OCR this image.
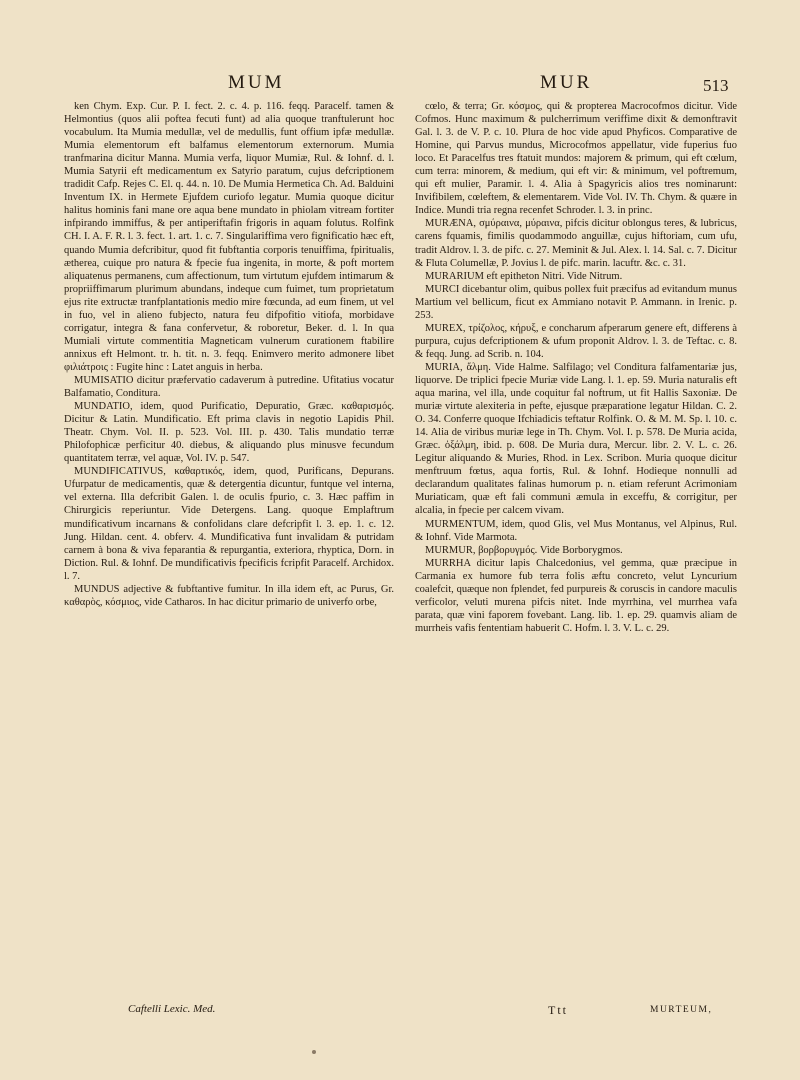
MUM	MUR	513

ken Chym. Exp. Cur. P. I. fect. 2. c. 4. p. 116. feqq. Paracelf. tamen & Helmontius (quos alii poftea fecuti funt) ad alia quoque tranftulerunt hoc vocabulum. Ita Mumia medullæ, vel de medullis, funt offium ipfæ medullæ. Mumia elementorum eft balfamus elementorum externorum. Mumia tranfmarina dicitur Manna. Mumia verfa, liquor Mumiæ, Rul. & Iohnf. d. l. Mumia Satyrii eft medicamentum ex Satyrio paratum, cujus defcriptionem tradidit Cafp. Rejes C. El. q. 44. n. 10. De Mumia Hermetica Ch. Ad. Balduini Inventum IX. in Hermete Ejufdem curiofo legatur. Mumia quoque dicitur halitus hominis fani mane ore aqua bene mundato in phiolam vitream fortiter infpirando immiffus, & per antiperiftafin frigoris in aquam folutus. Rolfink CH. I. A. F. R. l. 3. fect. 1. art. 1. c. 7. Singulariffima vero fignificatio hæc eft, quando Mumia defcribitur, quod fit fubftantia corporis tenuiffima, fpiritualis, ætherea, cuique pro natura & fpecie fua ingenita, in morte, & poft mortem aliquatenus permanens, cum affectionum, tum virtutum ejufdem intimarum & propriiffimarum plurimum abundans, indeque cum fuimet, tum proprietatum ejus rite extructæ tranfplantationis medio mire fœcunda, ad eum finem, ut vel in fuo, vel in alieno fubjecto, natura feu difpofitio vitiofa, morbidave corrigatur, integra & fana confervetur, & roboretur, Beker. d. l. In qua Mumiali virtute commentitia Magneticam vulnerum curationem ftabilire annixus eft Helmont. tr. h. tit. n. 3. feqq. Enimvero merito admonere libet φιλιάτροις : Fugite hinc : Latet anguis in herba.

MUMISATIO dicitur præfervatio cadaverum à putredine. Ufitatius vocatur Balfamatio, Conditura.

MUNDATIO, idem, quod Purificatio, Depuratio, Græc. καθαρισμός. Dicitur & Latin. Mundificatio. Eft prima clavis in negotio Lapidis Phil. Theatr. Chym. Vol. II. p. 523. Vol. III. p. 430. Talis mundatio terræ Philofophicæ perficitur 40. diebus, & aliquando plus minusve fecundum quantitatem terræ, vel aquæ, Vol. IV. p. 547.

MUNDIFICATIVUS, καθαρτικός, idem, quod, Purificans, Depurans. Ufurpatur de medicamentis, quæ & detergentia dicuntur, funtque vel interna, vel externa. Illa defcribit Galen. l. de oculis fpurio, c. 3. Hæc paffim in Chirurgicis reperiuntur. Vide Detergens. Lang. quoque Emplaftrum mundificativum incarnans & confolidans clare defcripfit l. 3. ep. 1. c. 12. Jung. Hildan. cent. 4. obferv. 4. Mundificativa funt invalidam & putridam carnem à bona & viva feparantia & repurgantia, exteriora, rhyptica, Dorn. in Diction. Rul. & Iohnf. De mundificativis fpecificis fcripfit Paracelf. Archidox. l. 7.

MUNDUS adjective & fubftantive fumitur. In illa idem eft, ac Purus, Gr. καθαρὸς, κόσμιος, vide Catharos. In hac dicitur primario de univerfo orbe,

cœlo, & terra; Gr. κόσμος, qui & propterea Macrocofmos dicitur. Vide Cofmos. Hunc maximum & pulcherrimum veriffime dixit & demonftravit Gal. l. 3. de V. P. c. 10. Plura de hoc vide apud Phyficos. Comparative de Homine, qui Parvus mundus, Microcofmos appellatur, vide fuperius fuo loco. Et Paracelfus tres ftatuit mundos: majorem & primum, qui eft cœlum, cum terra: minorem, & medium, qui eft vir: & minimum, vel poftremum, qui eft mulier, Paramir. l. 4. Alia à Spagyricis alios tres nominarunt: Invifibilem, cœleftem, & elementarem. Vide Vol. IV. Th. Chym. & quære in Indice. Mundi tria regna recenfet Schroder. l. 3. in princ.

MURÆNA, σμύραινα, μύραινα, pifcis dicitur oblongus teres, & lubricus, carens fquamis, fimilis quodammodo anguillæ, cujus hiftoriam, cum ufu, tradit Aldrov. l. 3. de pifc. c. 27. Meminit & Jul. Alex. l. 14. Sal. c. 7. Dicitur & Fluta Columellæ, P. Jovius l. de pifc. marin. lacuftr. &c. c. 31.

MURARIUM eft epitheton Nitri. Vide Nitrum.

MURCI dicebantur olim, quibus pollex fuit præcifus ad evitandum munus Martium vel bellicum, ficut ex Ammiano notavit P. Ammann. in Irenic. p. 253.

MUREX, τρίζολος, κήρυξ, e concharum afperarum genere eft, differens à purpura, cujus defcriptionem & ufum proponit Aldrov. l. 3. de Teftac. c. 8. & feqq. Jung. ad Scrib. n. 104.

MURIA, ἅλμη. Vide Halme. Salfilago; vel Conditura falfamentariæ jus, liquorve. De triplici fpecie Muriæ vide Lang. l. 1. ep. 59. Muria naturalis eft aqua marina, vel illa, unde coquitur fal noftrum, ut fit Hallis Saxoniæ. De muriæ virtute alexiteria in pefte, ejusque præparatione legatur Hildan. C. 2. O. 34. Conferre quoque Ifchiadicis teftatur Rolfink. O. & M. M. Sp. l. 10. c. 14. Alia de viribus muriæ lege in Th. Chym. Vol. I. p. 578. De Muria acida, Græc. ὀξάλμη, ibid. p. 608. De Muria dura, Mercur. libr. 2. V. L. c. 26. Legitur aliquando & Muries, Rhod. in Lex. Scribon. Muria quoque dicitur menftruum fœtus, aqua fortis, Rul. & Iohnf. Hodieque nonnulli ad declarandum qualitates falinas humorum p. n. etiam referunt Acrimoniam Muriaticam, quæ eft fali communi æmula in exceffu, & corrigitur, per alcalia, in fpecie per calcem vivam.

MURMENTUM, idem, quod Glis, vel Mus Montanus, vel Alpinus, Rul. & Iohnf. Vide Marmota.

MURMUR, βορβορυγμός. Vide Borborygmos.

MURRHA dicitur lapis Chalcedonius, vel gemma, quæ præcipue in Carmania ex humore fub terra folis æftu concreto, velut Lyncurium coalefcit, quæque non fplendet, fed purpureis & coruscis in candore maculis verficolor, veluti murena pifcis nitet. Inde myrrhina, vel murrhea vafa parata, quæ vini faporem fovebant. Lang. lib. 1. ep. 29. quamvis aliam de murrheis vafis fententiam habuerit C. Hofm. l. 3. V. L. c. 29.

Caftelli Lexic. Med.	Ttt	MURTEUM,
